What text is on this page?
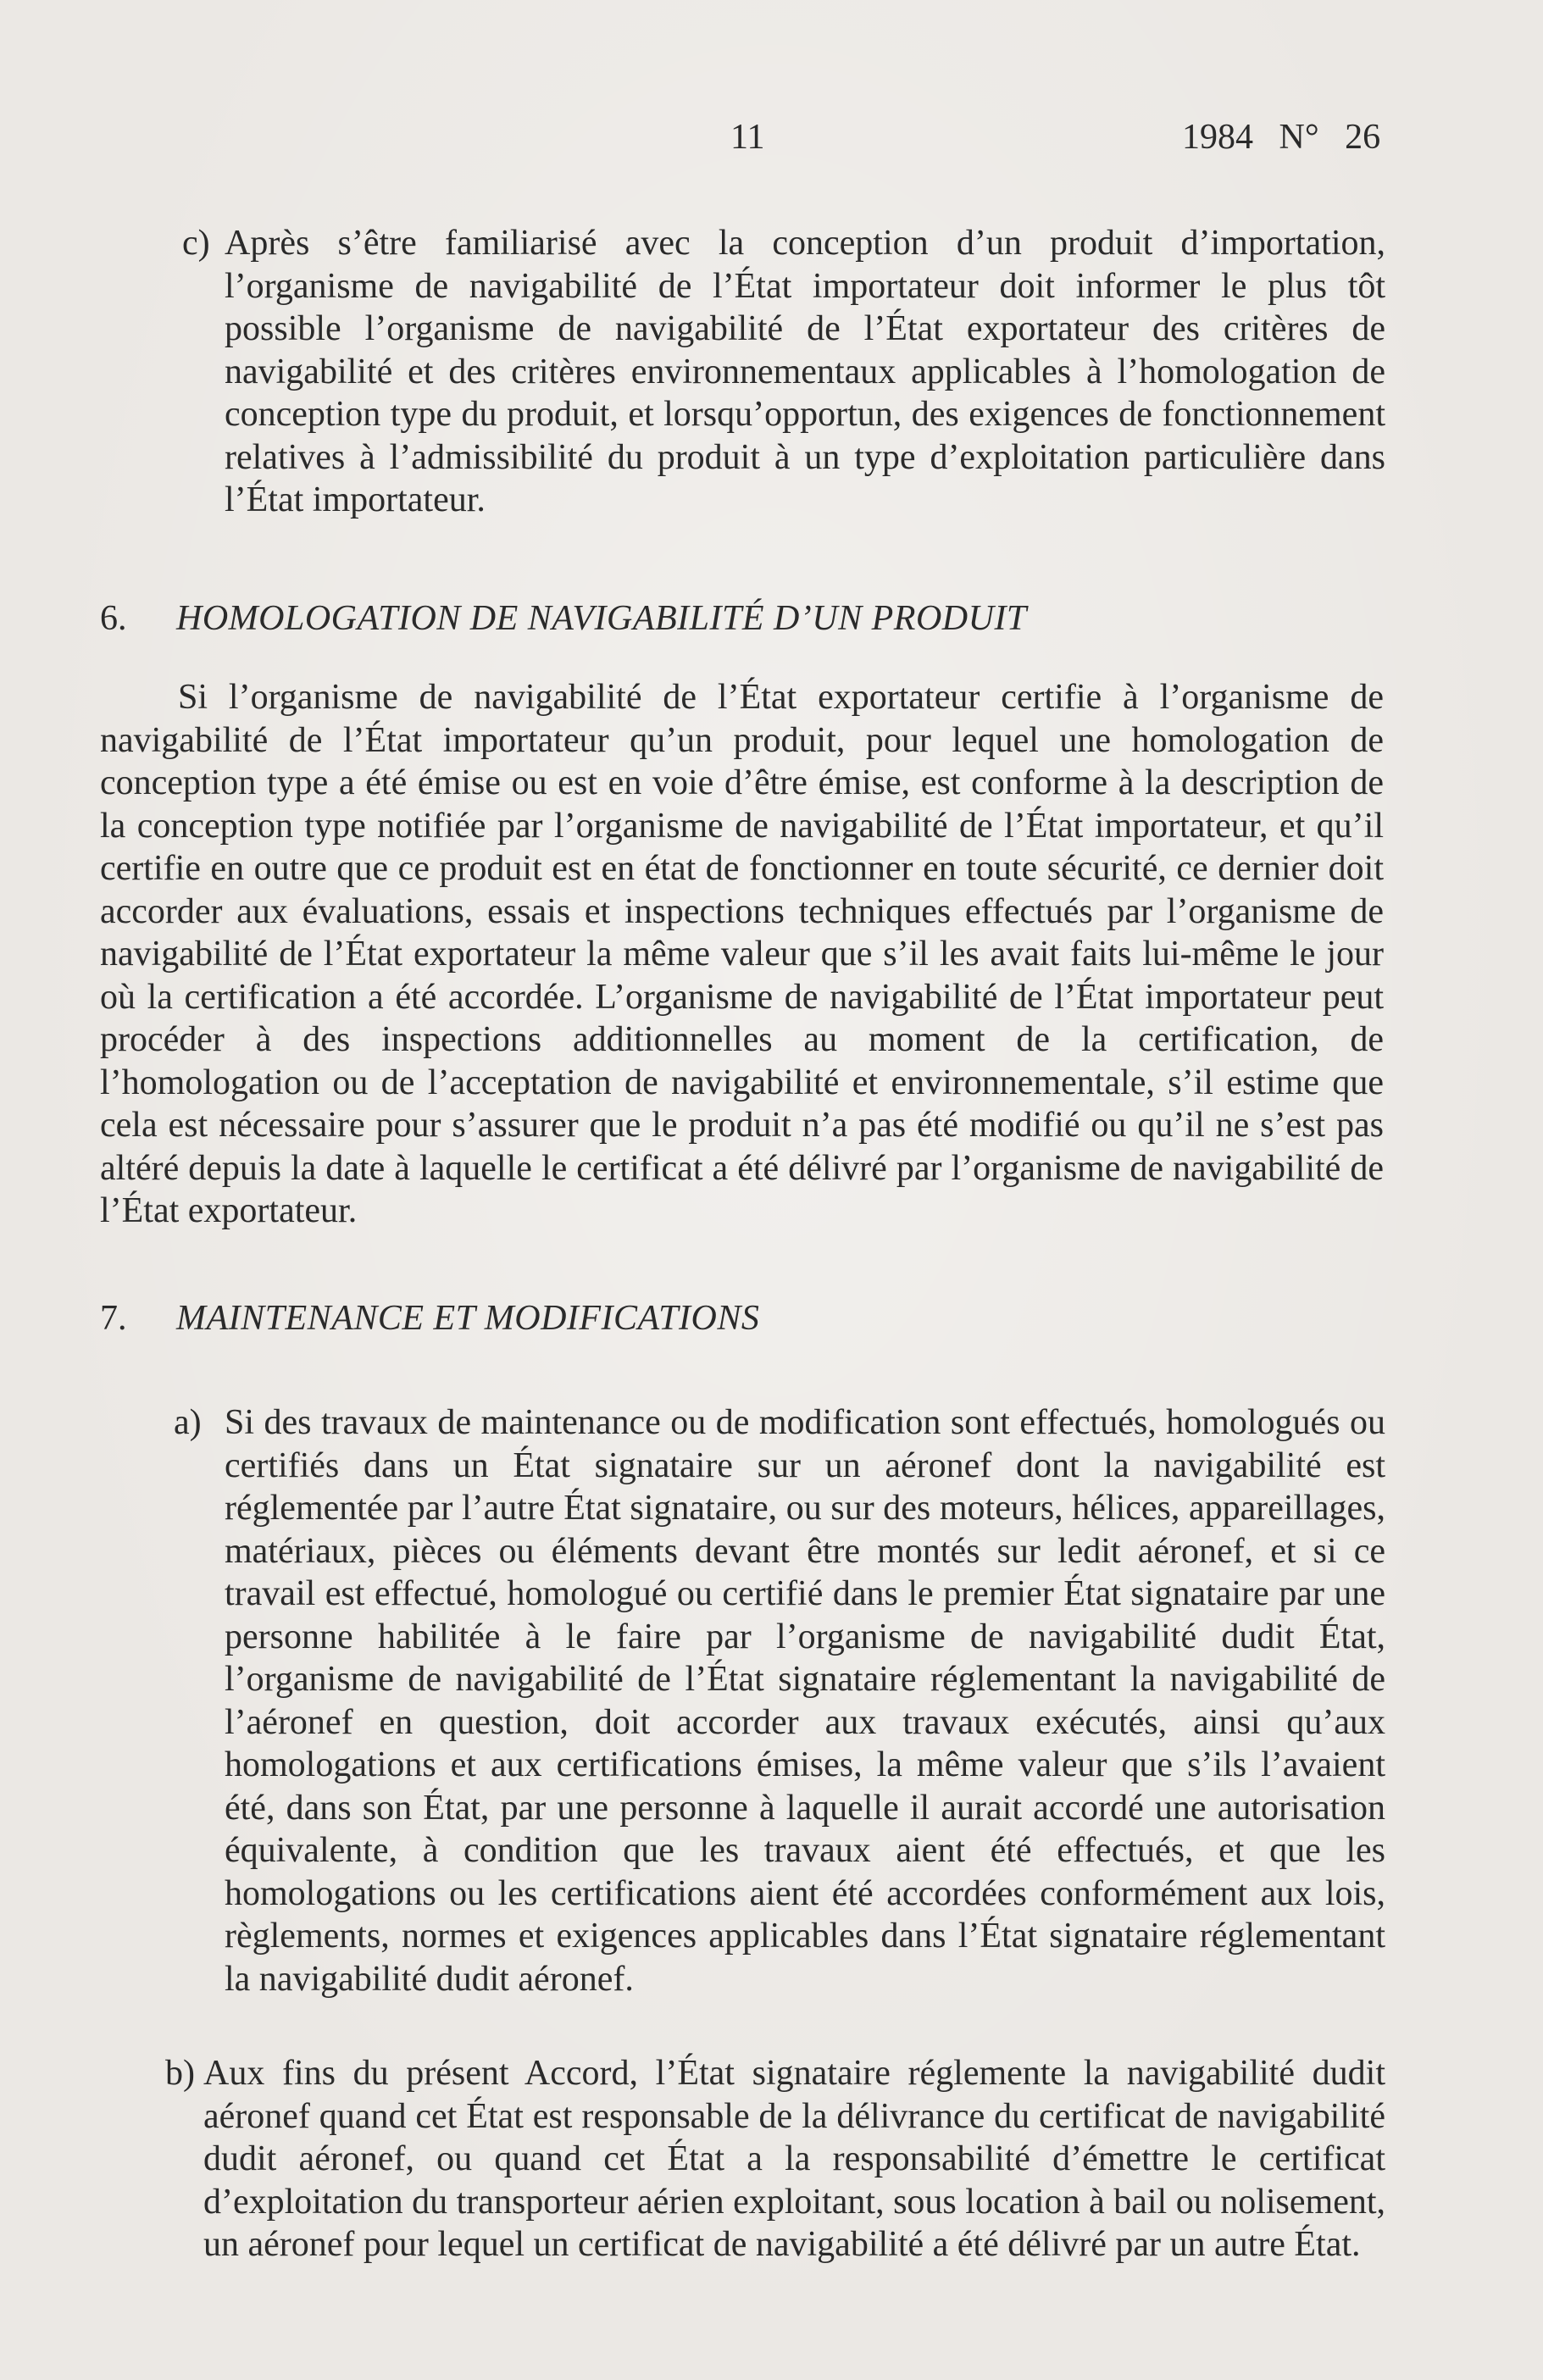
11	1984 N° 26
c) Après s’être familiarisé avec la conception d’un produit d’importation, l’organisme de navigabilité de l’État importateur doit informer le plus tôt possible l’organisme de navigabilité de l’État exportateur des critères de navigabilité et des critères environnementaux applicables à l’homologation de conception type du produit, et lorsqu’opportun, des exigences de fonctionnement relatives à l’admissibilité du produit à un type d’exploitation particulière dans l’État importateur.
6. HOMOLOGATION DE NAVIGABILITÉ D’UN PRODUIT
Si l’organisme de navigabilité de l’État exportateur certifie à l’organisme de navigabilité de l’État importateur qu’un produit, pour lequel une homologation de conception type a été émise ou est en voie d’être émise, est conforme à la description de la conception type notifiée par l’organisme de navigabilité de l’État importateur, et qu’il certifie en outre que ce produit est en état de fonctionner en toute sécurité, ce dernier doit accorder aux évaluations, essais et inspections techniques effectués par l’organisme de navigabilité de l’État exportateur la même valeur que s’il les avait faits lui-même le jour où la certification a été accordée. L’organisme de navigabilité de l’État importateur peut procéder à des inspections additionnelles au moment de la certification, de l’homologation ou de l’acceptation de navigabilité et environnementale, s’il estime que cela est nécessaire pour s’assurer que le produit n’a pas été modifié ou qu’il ne s’est pas altéré depuis la date à laquelle le certificat a été délivré par l’organisme de navigabilité de l’État exportateur.
7. MAINTENANCE ET MODIFICATIONS
a) Si des travaux de maintenance ou de modification sont effectués, homologués ou certifiés dans un État signataire sur un aéronef dont la navigabilité est réglementée par l’autre État signataire, ou sur des moteurs, hélices, appareillages, matériaux, pièces ou éléments devant être montés sur ledit aéronef, et si ce travail est effectué, homologué ou certifié dans le premier État signataire par une personne habilitée à le faire par l’organisme de navigabilité dudit État, l’organisme de navigabilité de l’État signataire réglementant la navigabilité de l’aéronef en question, doit accorder aux travaux exécutés, ainsi qu’aux homologations et aux certifications émises, la même valeur que s’ils l’avaient été, dans son État, par une personne à laquelle il aurait accordé une autorisation équivalente, à condition que les travaux aient été effectués, et que les homologations ou les certifications aient été accordées conformément aux lois, règlements, normes et exigences applicables dans l’État signataire réglementant la navigabilité dudit aéronef.
b) Aux fins du présent Accord, l’État signataire réglemente la navigabilité dudit aéronef quand cet État est responsable de la délivrance du certificat de navigabilité dudit aéronef, ou quand cet État a la responsabilité d’émettre le certificat d’exploitation du transporteur aérien exploitant, sous location à bail ou nolisement, un aéronef pour lequel un certificat de navigabilité a été délivré par un autre État.
